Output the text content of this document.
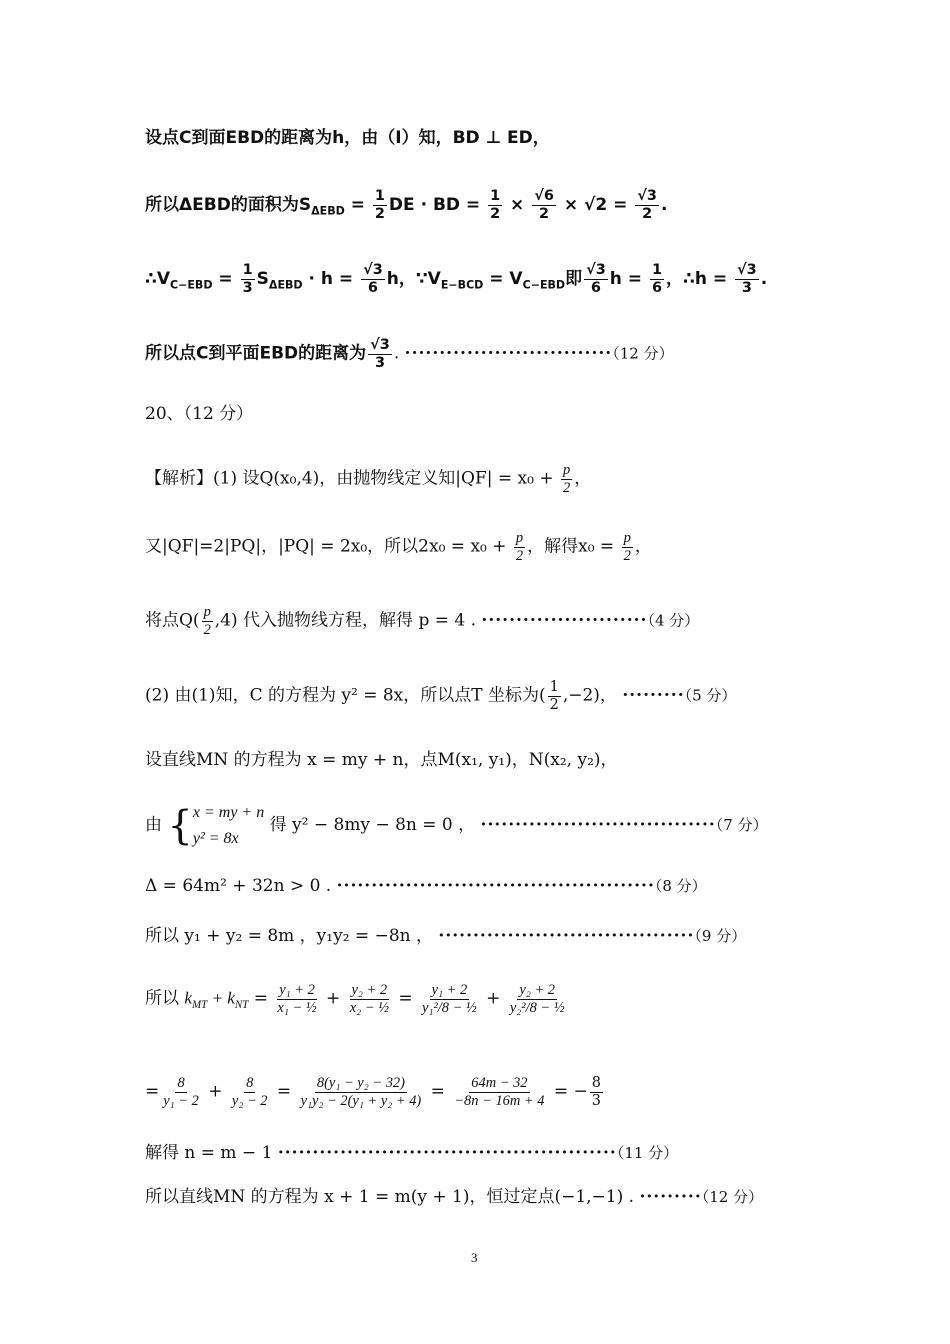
设点C到面EBD的距离为h，由（Ⅰ）知，BD ⊥ ED，
所以ΔEBD的面积为$S_{\Delta EBD} = \frac{1}{2}$ DE · BD = $\frac{1}{2} \times \frac{√6}{2} \times √2 = \frac{√3}{2}$ .
$\therefore V_{C-EBD} = \frac{1}{3} S_{\Delta EBD} \cdot h = \frac{√3}{6}$ h，$\because V_{E-BCD} = V_{C-EBD}$即 $\frac{√3}{6}$ $h = \frac{1}{6}$ ，∴h = $\frac{√3}{3}$ .
所以点C到平面EBD的距离为 $\frac{√3}{3}$ . ······························（12 分）
20、（12 分）
【解析】(1) 设Q(x₀,4)，由抛物线定义知$|QF| = x_0 + \frac{p}{2}$ ，
又|QF|=2|PQ|，|PQ| = 2x₀，所以$2x_0 = x_0 + \frac{p}{2}$ ，解得$x_0 = \frac{p}{2}$ ，
将点$Q( \frac{p}{2} ,4)$ 代入抛物线方程，解得 p = 4 . ························（4 分）
(2) 由(1)知，C 的方程为 y² = 8x，所以点T 坐标为( $\frac{1}{2} ,-2$)， ·········（5 分）
设直线MN 的方程为 x = my + n，点M(x₁, y₁)，N(x₂, y₂)，
由 { x = my + n
y² = 8x
得 y² − 8my − 8n = 0 ， ··································（7 分）
Δ = 64m² + 32n > 0 . ··············································（8 分）
所以 y₁ + y₂ = 8m ，y₁y₂ = −8n ， ·····································（9 分）
所以 $k_{MT} + k_{NT} = \frac{\text{y₁ + 2}}{\text{x₁ − ½}} + \frac{\text{y₂ + 2}}{\text{x₂ − ½}} = \frac{\text{y₁ + 2}}{\text{y₁²/8 − ½}} + \frac{\text{y₂ + 2}}{\text{y₂²/8 − ½}}$
= $\frac{8}{\text{y₁ − 2}} + \frac{8}{\text{y₂ − 2}} = \frac{\text{8(y₁ − y₂ − 32)}}{\text{y₁y₂ − 2(y₁ + y₂ + 4)}} = \frac{64m - 32}{-8n - 16m + 4}$ = − $\frac{8}{3}$
解得 n = m − 1 ·················································（11 分）
所以直线MN 的方程为 x + 1 = m(y + 1)，恒过定点(−1,−1) . ·········（12 分）
3
